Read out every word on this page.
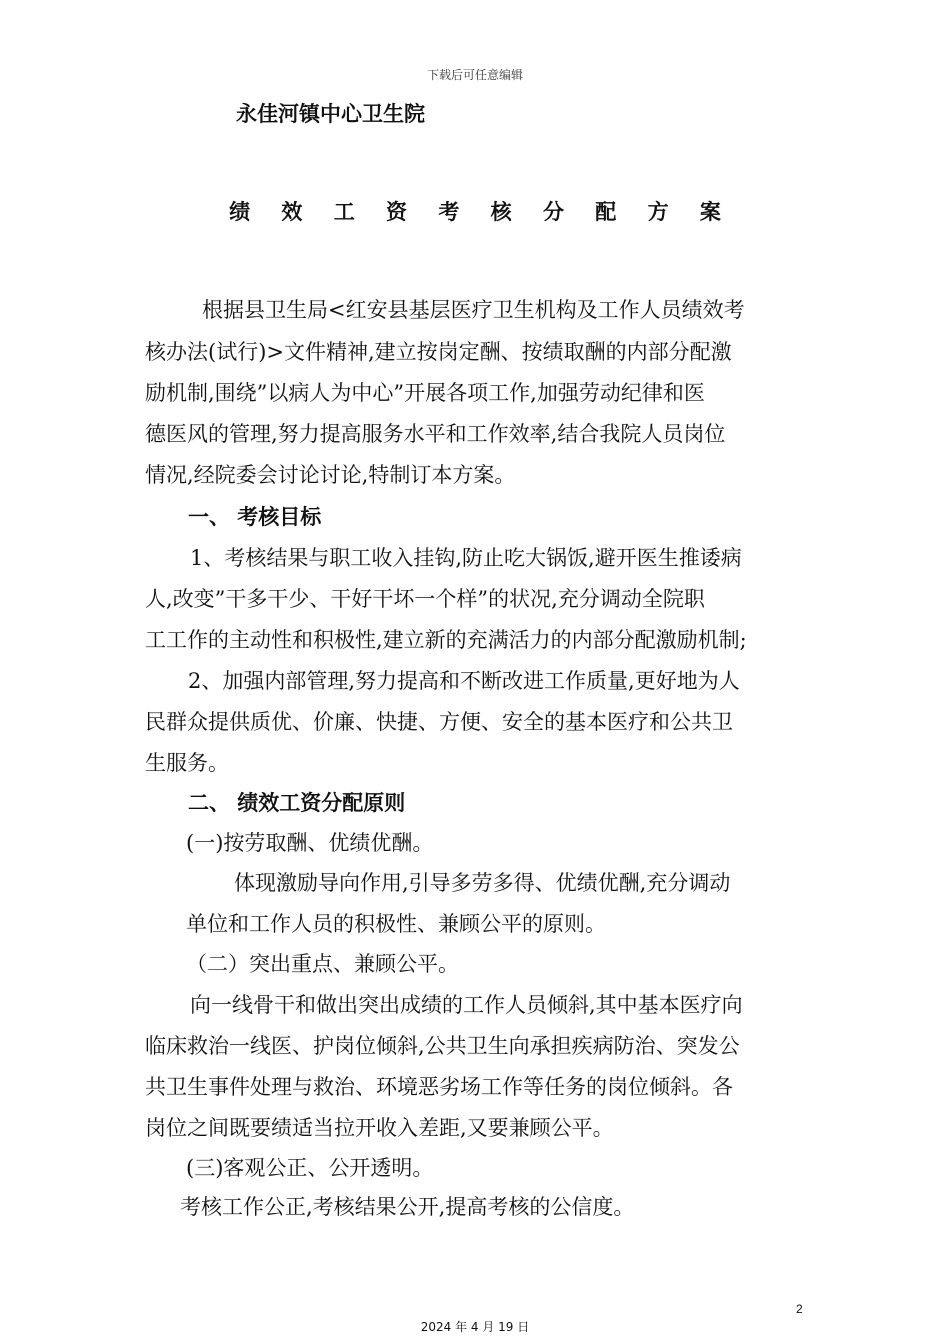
下载后可任意编辑
永佳河镇中心卫生院
绩 效 工 资 考 核 分 配 方 案
根据县卫生局<红安县基层医疗卫生机构及工作人员绩效考
核办法(试行)>文件精神,建立按岗定酬、按绩取酬的内部分配激
励机制,围绕”以病人为中心”开展各项工作,加强劳动纪律和医
德医风的管理,努力提高服务水平和工作效率,结合我院人员岗位
情况,经院委会讨论讨论,特制订本方案。
一、 考核目标
1、考核结果与职工收入挂钩,防止吃大锅饭,避开医生推诿病
人,改变”干多干少、干好干坏一个样”的状况,充分调动全院职
工工作的主动性和积极性,建立新的充满活力的内部分配激励机制;
2、加强内部管理,努力提高和不断改进工作质量,更好地为人
民群众提供质优、价廉、快捷、方便、安全的基本医疗和公共卫
生服务。
二、 绩效工资分配原则
(一)按劳取酬、优绩优酬。
体现激励导向作用,引导多劳多得、优绩优酬,充分调动
单位和工作人员的积极性、兼顾公平的原则。
（二）突出重点、兼顾公平。
向一线骨干和做出突出成绩的工作人员倾斜,其中基本医疗向
临床救治一线医、护岗位倾斜,公共卫生向承担疾病防治、突发公
共卫生事件处理与救治、环境恶劣场工作等任务的岗位倾斜。各
岗位之间既要绩适当拉开收入差距,又要兼顾公平。
(三)客观公正、公开透明。
考核工作公正,考核结果公开,提高考核的公信度。
2
2024 年 4 月 19 日
